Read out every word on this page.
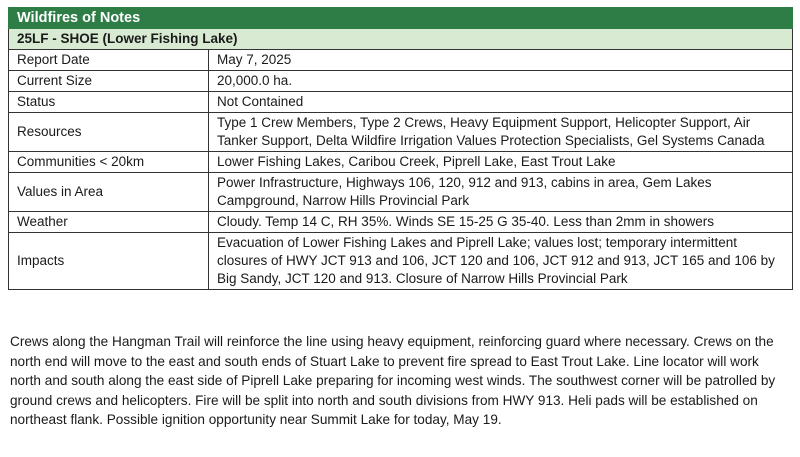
Wildfires of Notes	
25LF - SHOE (Lower Fishing Lake)	
Report Date	May 7, 2025
Current Size	20,000.0 ha.
Status	Not Contained
Resources	Type 1 Crew Members, Type 2 Crews, Heavy Equipment Support, Helicopter Support, Air Tanker Support, Delta Wildfire Irrigation Values Protection Specialists, Gel Systems Canada
Communities < 20km	Lower Fishing Lakes, Caribou Creek, Piprell Lake, East Trout Lake
Values in Area	Power Infrastructure, Highways 106, 120, 912 and 913, cabins in area, Gem Lakes Campground, Narrow Hills Provincial Park
Weather	Cloudy. Temp 14 C, RH 35%. Winds SE 15-25 G 35-40. Less than 2mm in showers
Impacts	Evacuation of Lower Fishing Lakes and Piprell Lake; values lost; temporary intermittent closures of HWY JCT 913 and 106, JCT 120 and 106, JCT 912 and 913, JCT 165 and 106 by Big Sandy, JCT 120 and 913. Closure of Narrow Hills Provincial Park

Crews along the Hangman Trail will reinforce the line using heavy equipment, reinforcing guard where necessary. Crews on the north end will move to the east and south ends of Stuart Lake to prevent fire spread to East Trout Lake. Line locator will work north and south along the east side of Piprell Lake preparing for incoming west winds. The southwest corner will be patrolled by ground crews and helicopters. Fire will be split into north and south divisions from HWY 913. Heli pads will be established on northeast flank. Possible ignition opportunity near Summit Lake for today, May 19.
